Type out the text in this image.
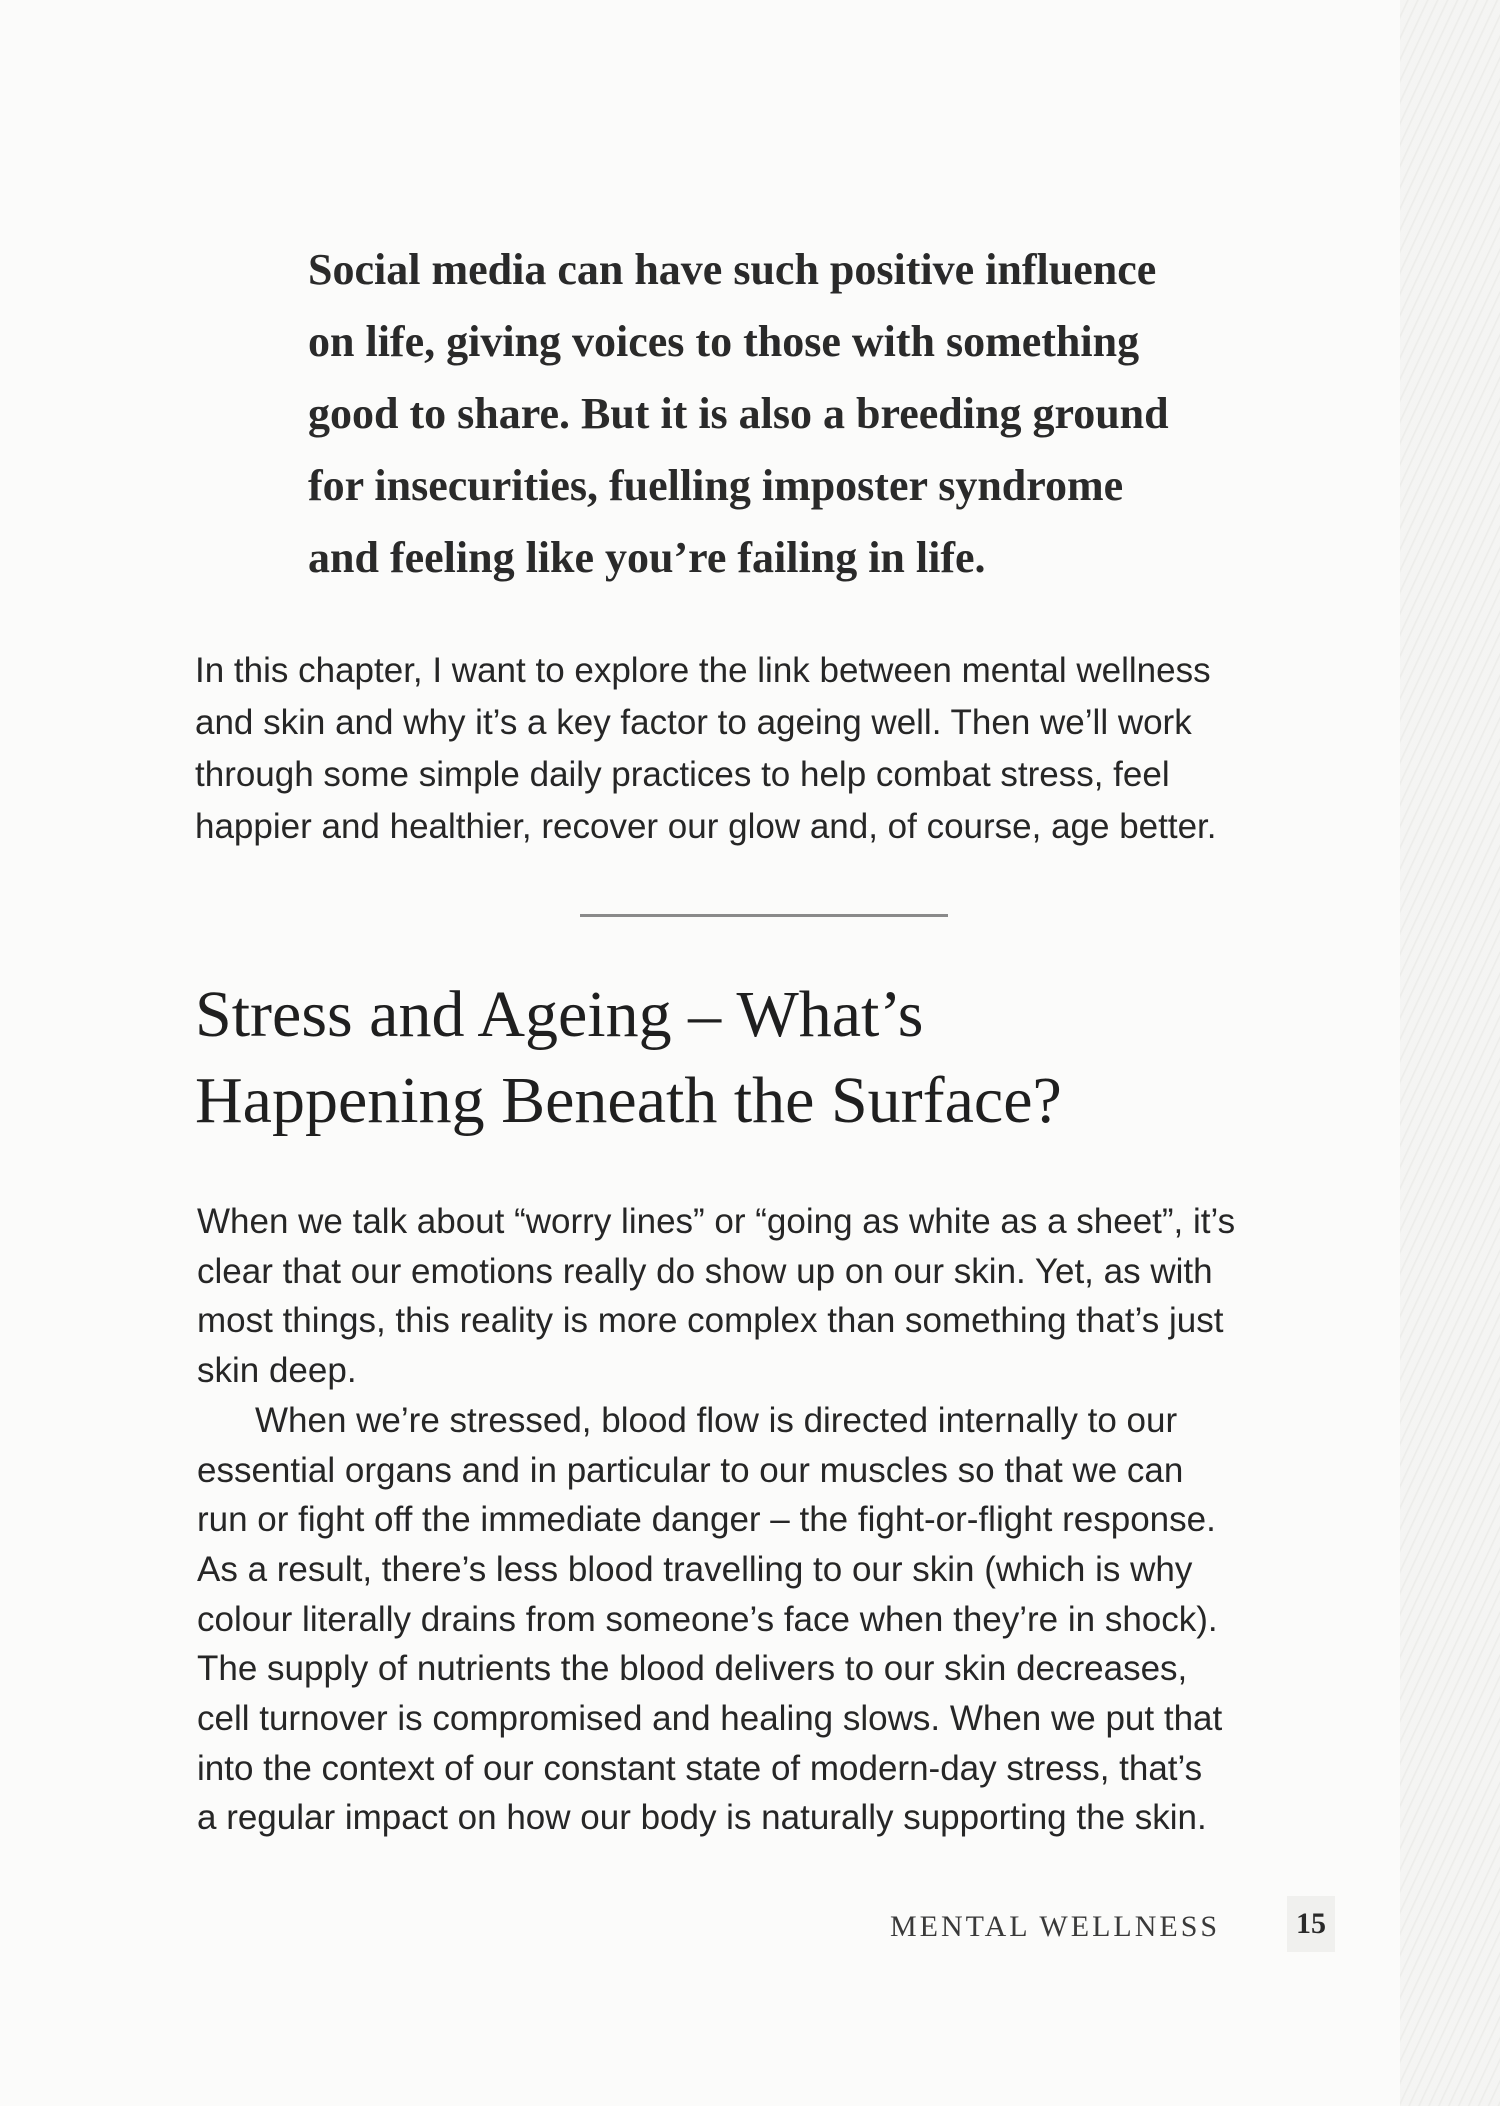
Social media can have such positive influence
on life, giving voices to those with something
good to share. But it is also a breeding ground
for insecurities, fuelling imposter syndrome
and feeling like you’re failing in life.

In this chapter, I want to explore the link between mental wellness
and skin and why it’s a key factor to ageing well. Then we’ll work
through some simple daily practices to help combat stress, feel
happier and healthier, recover our glow and, of course, age better.

Stress and Ageing – What’s
Happening Beneath the Surface?
When we talk about “worry lines” or “going as white as a sheet”, it’s
clear that our emotions really do show up on our skin. Yet, as with
most things, this reality is more complex than something that’s just
skin deep.
When we’re stressed, blood flow is directed internally to our
essential organs and in particular to our muscles so that we can
run or fight off the immediate danger – the fight-or-flight response.
As a result, there’s less blood travelling to our skin (which is why
colour literally drains from someone’s face when they’re in shock).
The supply of nutrients the blood delivers to our skin decreases,
cell turnover is compromised and healing slows. When we put that
into the context of our constant state of modern-day stress, that’s
a regular impact on how our body is naturally supporting the skin.
MENTAL WELLNESS	15
